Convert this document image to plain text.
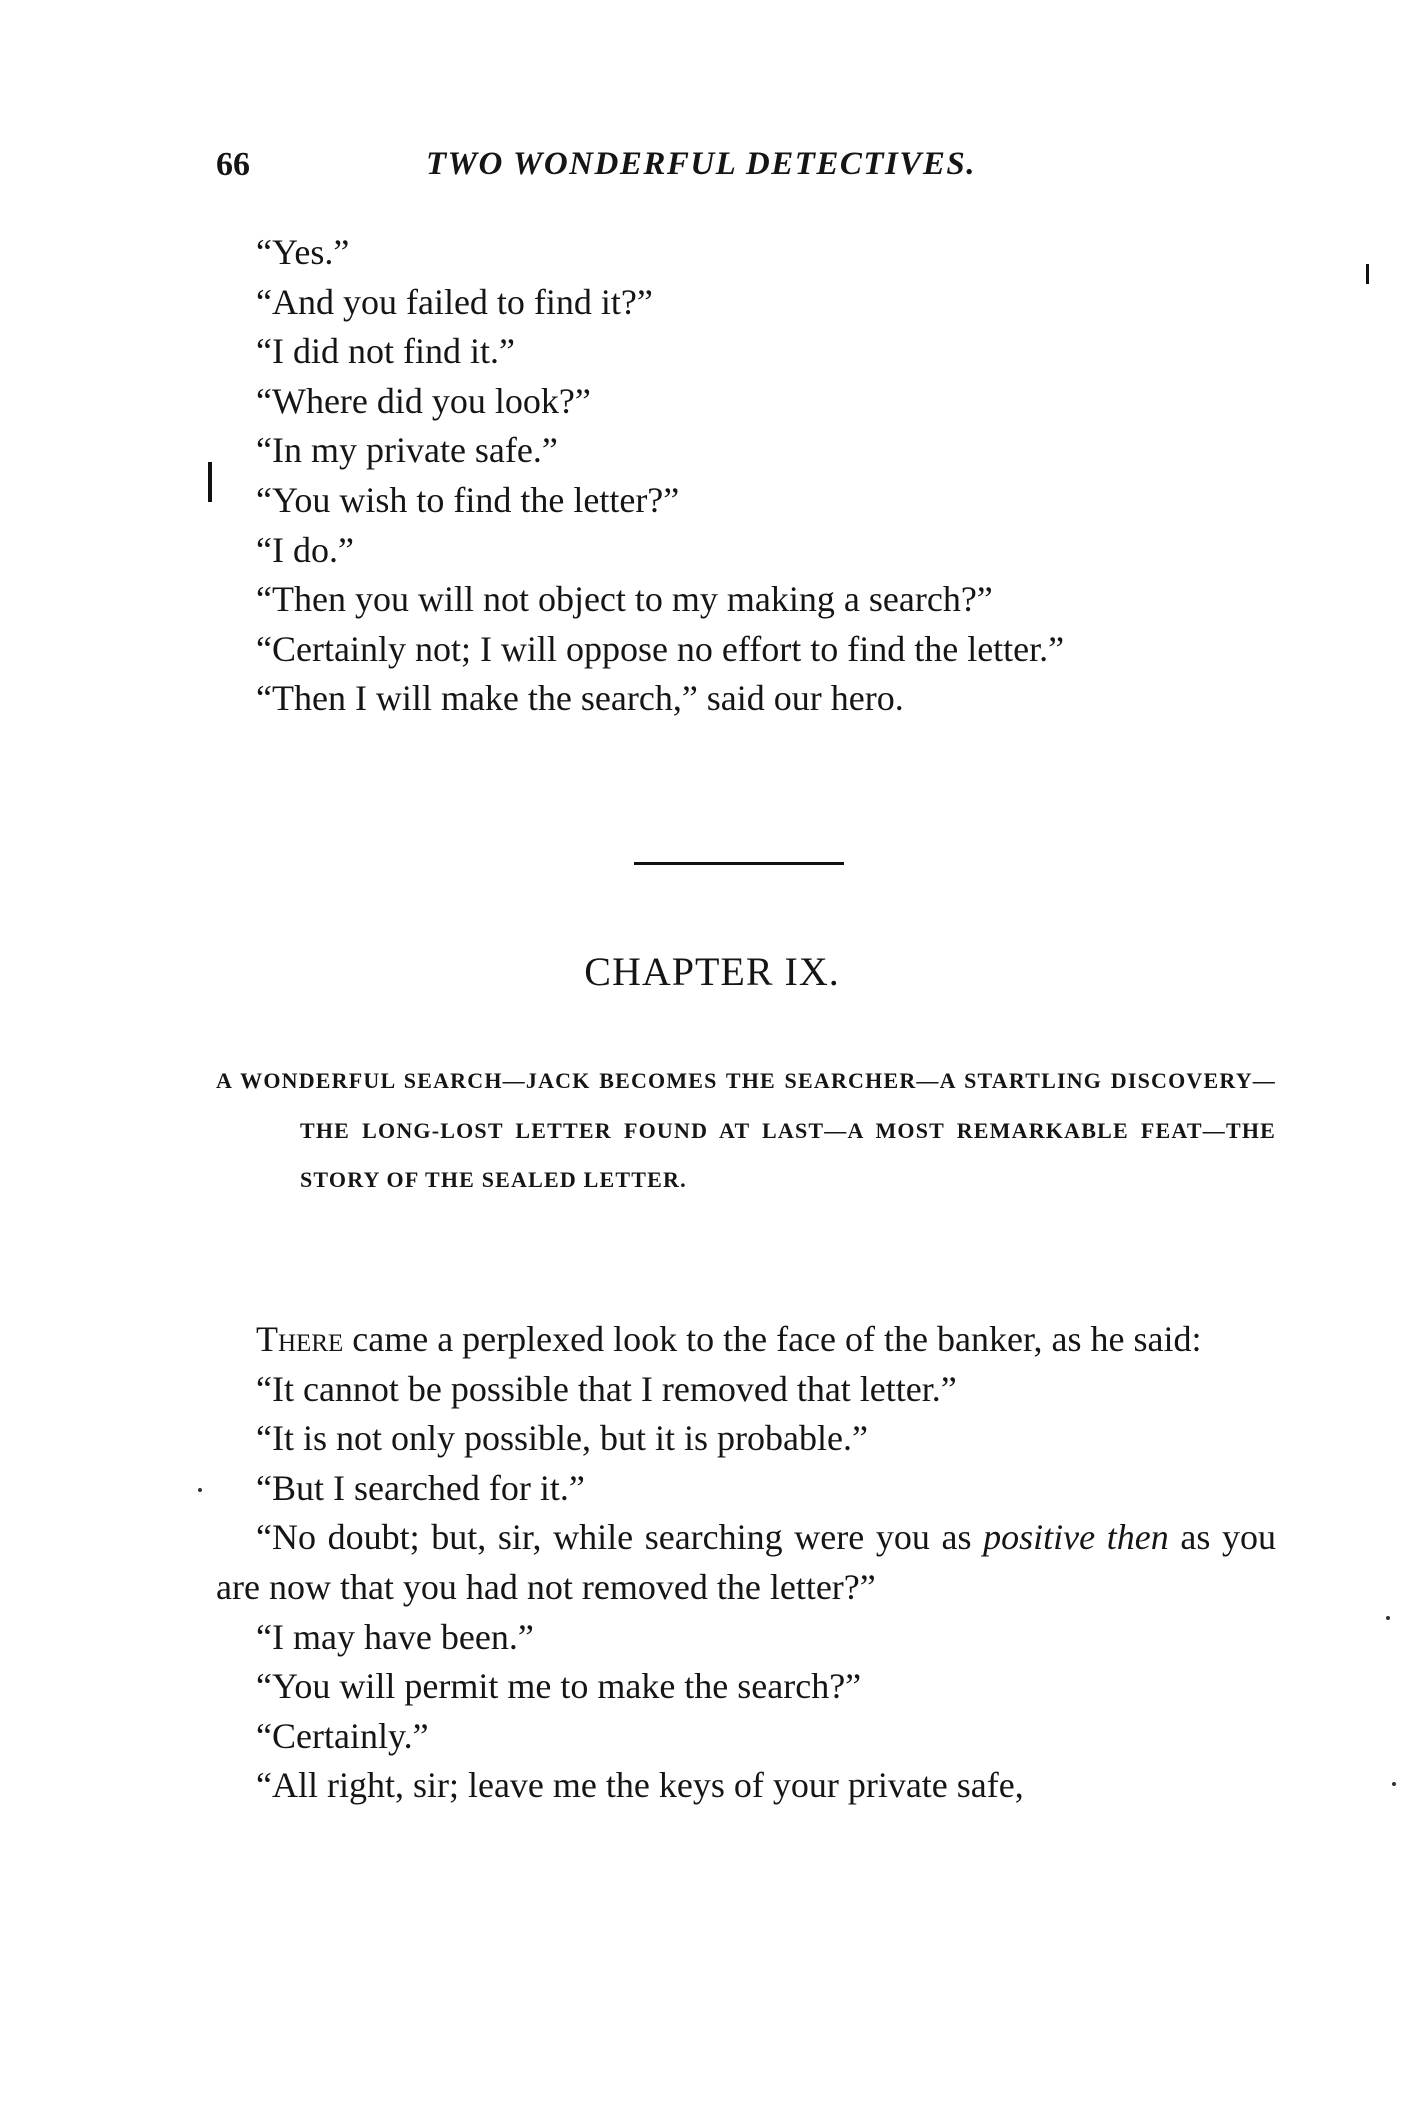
66	TWO WONDERFUL DETECTIVES.

“Yes.”

“And you failed to find it?”

“I did not find it.”

“Where did you look?”

“In my private safe.”

“You wish to find the letter?”

“I do.”

“Then you will not object to my making a search?”

“Certainly not; I will oppose no effort to find the letter.”

“Then I will make the search,” said our hero.

CHAPTER IX.
A WONDERFUL SEARCH—JACK BECOMES THE SEARCHER—A STARTLING DISCOVERY—THE LONG-LOST LETTER FOUND AT LAST—A MOST REMARKABLE FEAT—THE STORY OF THE SEALED LETTER.

There came a perplexed look to the face of the banker, as he said:

“It cannot be possible that I removed that letter.”

“It is not only possible, but it is probable.”

“But I searched for it.”

“No doubt; but, sir, while searching were you as positive then as you are now that you had not removed the letter?”

“I may have been.”

“You will permit me to make the search?”

“Certainly.”

“All right, sir; leave me the keys of your private safe,
